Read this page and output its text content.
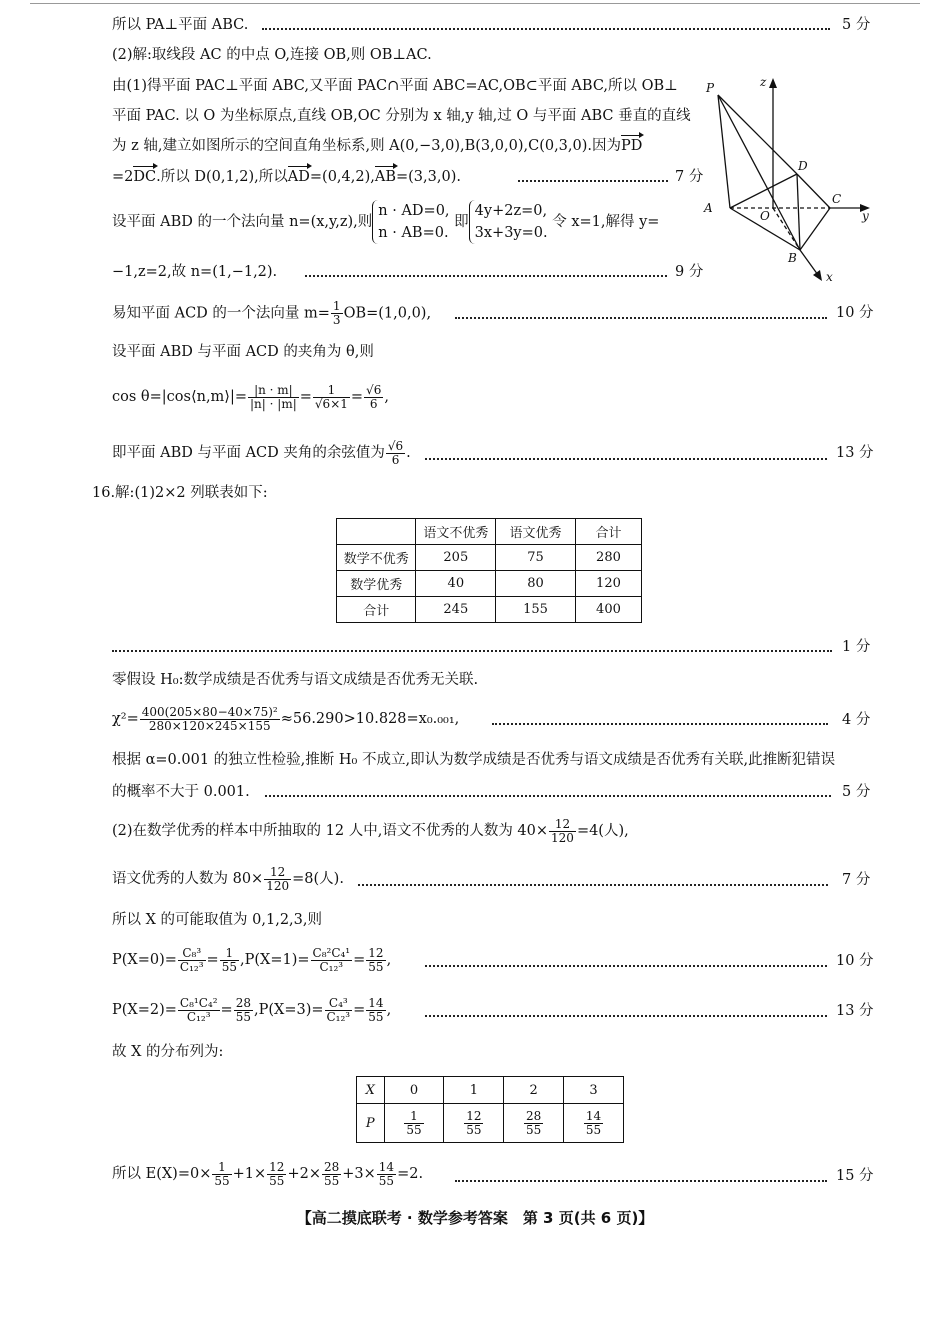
所以 PA⊥平面 ABC.	5 分
(2)解:取线段 AC 的中点 O,连接 OB,则 OB⊥AC.
由(1)得平面 PAC⊥平面 ABC,又平面 PAC∩平面 ABC=AC,OB⊂平面 ABC,所以 OB⊥
平面 PAC. 以 O 为坐标原点,直线 OB,OC 分别为 x 轴,y 轴,过 O 与平面 ABC 垂直的直线
为 z 轴,建立如图所示的空间直角坐标系,则 A(0,−3,0),B(3,0,0),C(0,3,0).因为PD
=2DC.所以 D(0,1,2),所以AD=(0,4,2),AB=(3,3,0).	7 分
设平面 ABD 的一个法向量 n=(x,y,z),则
n · AD=0,
n · AB=0.
即
4y+2z=0,
3x+3y=0.
令 x=1,解得 y=
−1,z=2,故 n=(1,−1,2).	9 分
P	z
D
A
O
C
y
B
x
易知平面 ACD 的一个法向量 $m= \frac{1}{3} OB=(1,0,0)$,	10 分
设平面 ABD 与平面 ACD 的夹角为 θ,则
cos θ=|cos⟨n,m⟩|= $\frac{|n \cdot m|}{|n| \cdot |m|} = \frac{1}{√6\times 1} = \frac{√6}{6}$ ,
即平面 ABD 与平面 ACD 夹角的余弦值为 $\frac{√6}{6}$ .	13 分
16.解:(1)2×2 列联表如下:
	语文不优秀	语文优秀	合计
数学不优秀	205	75	280
数学优秀	40	80	120
合计	245	155	400
1 分
零假设 H₀:数学成绩是否优秀与语文成绩是否优秀无关联.
$\chi^2= \frac{\text{400(205×80−40×75)²}}{280\times 120\times 245\times 155} \approx 56.290>10.828=x_0._{001}$,	4 分
根据 α=0.001 的独立性检验,推断 H₀ 不成立,即认为数学成绩是否优秀与语文成绩是否优秀有关联,此推断犯错误
的概率不大于 0.001.	5 分
(2)在数学优秀的样本中所抽取的 12 人中,语文不优秀的人数为 $40\times \frac{12}{120} =4$(人),
语文优秀的人数为 $80\times \frac{12}{120} =8$(人).	7 分
所以 X 的可能取值为 0,1,2,3,则
$P(X=0)= \frac{\text{C₈³}}{\text{C₁₂³}} = \frac{1}{55} ,P(X=1)= \frac{\text{C₈²C₄¹}}{\text{C₁₂³}} = \frac{12}{55}$ ,	10 分
$P(X=2)= \frac{\text{C₈¹C₄²}}{\text{C₁₂³}} = \frac{28}{55} ,P(X=3)= \frac{\text{C₄³}}{\text{C₁₂³}} = \frac{14}{55}$ ,	13 分
故 X 的分布列为:
X	0	1	2	3
P	$\frac{1}{55}$	$\frac{12}{55}$	$\frac{28}{55}$	$\frac{14}{55}$
所以 $E(X)=0\times \frac{1}{55} +1\times \frac{12}{55} +2\times \frac{28}{55} +3\times \frac{14}{55} =2$.	15 分
【高二摸底联考 · 数学参考答案　第 3 页(共 6 页)】
